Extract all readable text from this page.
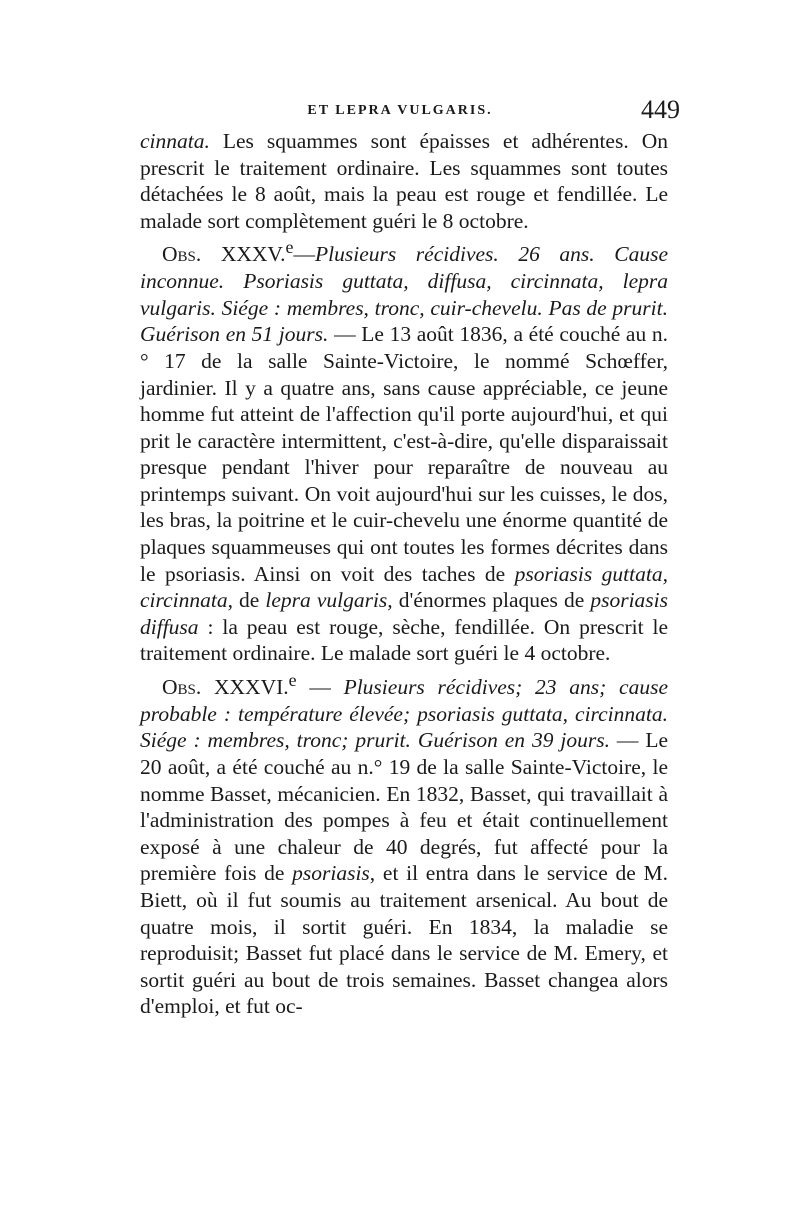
ET LEPRA VULGARIS.	449

cinnata. Les squammes sont épaisses et adhérentes. On prescrit le traitement ordinaire. Les squammes sont toutes détachées le 8 août, mais la peau est rouge et fendillée. Le malade sort complètement guéri le 8 octobre.

Obs. XXXV.$^e$—Plusieurs récidives. 26 ans. Cause inconnue. Psoriasis guttata, diffusa, circinnata, lepra vulgaris. Siége : membres, tronc, cuir-chevelu. Pas de prurit. Guérison en 51 jours. — Le 13 août 1836, a été couché au n.° 17 de la salle Sainte-Victoire, le nommé Schœffer, jardinier. Il y a quatre ans, sans cause appréciable, ce jeune homme fut atteint de l'affection qu'il porte aujourd'hui, et qui prit le caractère intermittent, c'est-à-dire, qu'elle disparaissait presque pendant l'hiver pour reparaître de nouveau au printemps suivant. On voit aujourd'hui sur les cuisses, le dos, les bras, la poitrine et le cuir-chevelu une énorme quantité de plaques squammeuses qui ont toutes les formes décrites dans le psoriasis. Ainsi on voit des taches de psoriasis guttata, circinnata, de lepra vulgaris, d'énormes plaques de psoriasis diffusa : la peau est rouge, sèche, fendillée. On prescrit le traitement ordinaire. Le malade sort guéri le 4 octobre.

Obs. XXXVI.$^e$ — Plusieurs récidives; 23 ans; cause probable : température élevée; psoriasis guttata, circinnata. Siége : membres, tronc; prurit. Guérison en 39 jours. — Le 20 août, a été couché au n.° 19 de la salle Sainte-Victoire, le nomme Basset, mécanicien. En 1832, Basset, qui travaillait à l'administration des pompes à feu et était continuellement exposé à une chaleur de 40 degrés, fut affecté pour la première fois de psoriasis, et il entra dans le service de M. Biett, où il fut soumis au traitement arsenical. Au bout de quatre mois, il sortit guéri. En 1834, la maladie se reproduisit; Basset fut placé dans le service de M. Emery, et sortit guéri au bout de trois semaines. Basset changea alors d'emploi, et fut oc-
